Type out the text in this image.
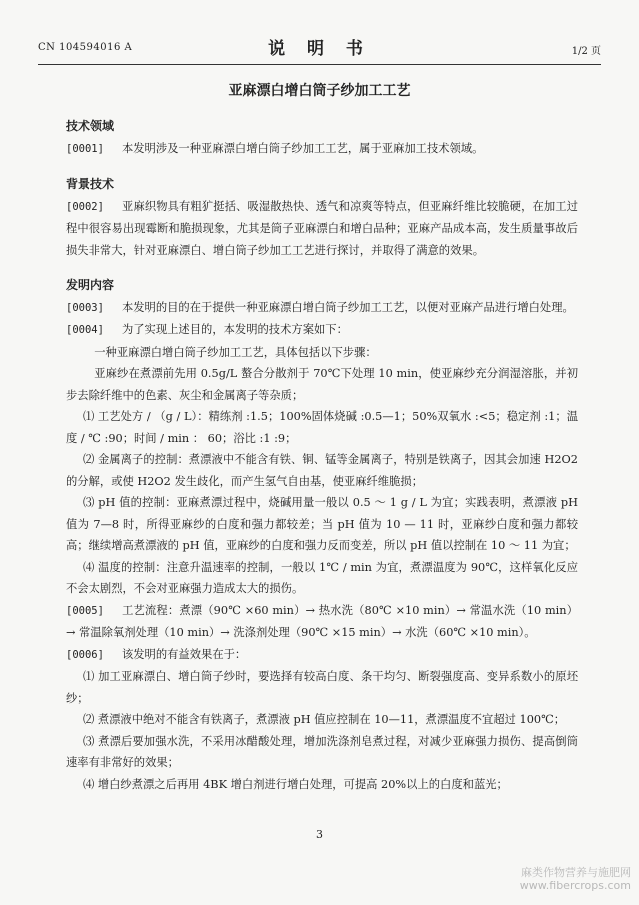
CN 104594016 A	说 明 书	1/2 页
亚麻漂白增白筒子纱加工工艺
技术领域

[0001] 本发明涉及一种亚麻漂白增白筒子纱加工工艺，属于亚麻加工技术领域。

背景技术

[0002] 亚麻织物具有粗犷挺括、吸湿散热快、透气和凉爽等特点，但亚麻纤维比较脆硬，在加工过程中很容易出现霉断和脆损现象，尤其是筒子亚麻漂白和增白品种；亚麻产品成本高，发生质量事故后损失非常大，针对亚麻漂白、增白筒子纱加工工艺进行探讨，并取得了满意的效果。

发明内容

[0003] 本发明的目的在于提供一种亚麻漂白增白筒子纱加工工艺，以便对亚麻产品进行增白处理。

[0004] 为了实现上述目的，本发明的技术方案如下：

一种亚麻漂白增白筒子纱加工工艺，具体包括以下步骤：

亚麻纱在煮漂前先用 0.5g/L 螯合分散剂于 70℃下处理 10 min，使亚麻纱充分润湿溶胀，并初步去除纤维中的色素、灰尘和金属离子等杂质；

⑴ 工艺处方 / （g / L）：精练剂 :1.5；100%固体烧碱 :0.5—1；50%双氧水 :<5；稳定剂 :1；温度 / ℃ :90；时间 / min ： 60；浴比 :1 :9；

⑵ 金属离子的控制：煮漂液中不能含有铁、铜、锰等金属离子，特别是铁离子，因其会加速 H2O2 的分解，或使 H2O2 发生歧化，而产生氢气自由基，使亚麻纤维脆损；

⑶ pH 值的控制：亚麻煮漂过程中，烧碱用量一般以 0.5 ～ 1 g / L 为宜；实践表明，煮漂液 pH 值为 7—8 时，所得亚麻纱的白度和强力都较差；当 pH 值为 10 — 11 时，亚麻纱白度和强力都较高；继续增高煮漂液的 pH 值，亚麻纱的白度和强力反而变差，所以 pH 值以控制在 10 ～ 11 为宜；

⑷ 温度的控制：注意升温速率的控制，一般以 1℃ / min 为宜，煮漂温度为 90℃，这样氧化反应不会太剧烈，不会对亚麻强力造成太大的损伤。

[0005] 工艺流程：煮漂（90℃ ×60 min）→ 热水洗（80℃ ×10 min）→ 常温水洗（10 min）→ 常温除氧剂处理（10 min）→ 洗涤剂处理（90℃ ×15 min）→ 水洗（60℃ ×10 min）。

[0006] 该发明的有益效果在于：

⑴ 加工亚麻漂白、增白筒子纱时，要选择有较高白度、条干均匀、断裂强度高、变异系数小的原坯纱；

⑵ 煮漂液中绝对不能含有铁离子，煮漂液 pH 值应控制在 10—11，煮漂温度不宜超过 100℃；

⑶ 煮漂后要加强水洗，不采用冰醋酸处理，增加洗涤剂皂煮过程，对减少亚麻强力损伤、提高倒筒速率有非常好的效果；

⑷ 增白纱煮漂之后再用 4BK 增白剂进行增白处理，可提高 20%以上的白度和蓝光；

3
麻类作物营养与施肥网
www.fibercrops.com
